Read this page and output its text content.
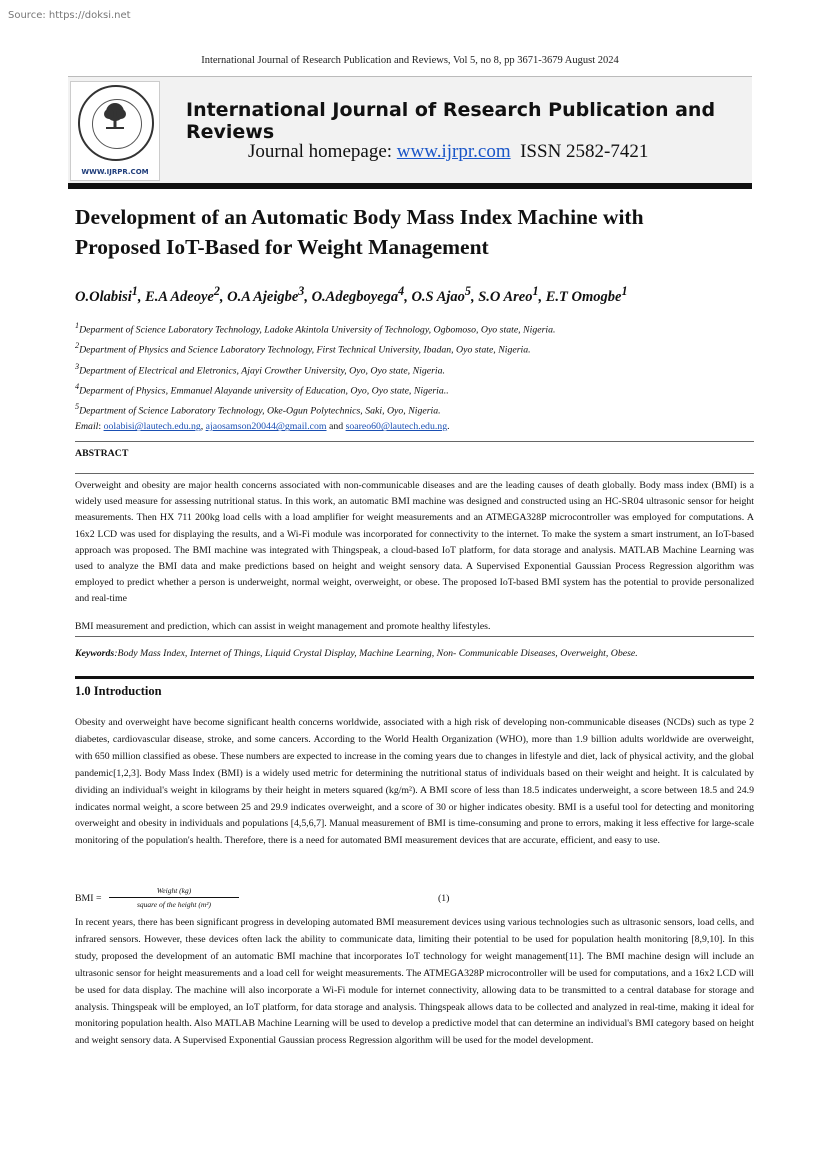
Source: https://doksi.net
International Journal of Research Publication and Reviews, Vol 5, no 8, pp 3671-3679 August 2024
WWW.IJRPR.COM
International Journal of Research Publication and Reviews
Journal homepage: www.ijrpr.com ISSN 2582-7421
Development of an Automatic Body Mass Index Machine with
Proposed IoT-Based for Weight Management
O.Olabisi$^1$, E.A Adeoye$^2$, O.A Ajeigbe$^3$, O.Adegboyega$^4$, O.S Ajao$^5$, S.O Areo$^1$, E.T Omogbe$^1$
$^1$Deparment of Science Laboratory Technology, Ladoke Akintola University of Technology, Ogbomoso, Oyo state, Nigeria.
$^2$Department of Physics and Science Laboratory Technology, First Technical University, Ibadan, Oyo state, Nigeria.
$^3$Department of Electrical and Eletronics, Ajayi Crowther University, Oyo, Oyo state, Nigeria.
$^4$Deparment of Physics, Emmanuel Alayande university of Education, Oyo, Oyo state, Nigeria..
$^5$Department of Science Laboratory Technology, Oke-Ogun Polytechnics, Saki, Oyo, Nigeria.
Email: oolabisi@lautech.edu.ng, ajaosamson20044@gmail.com and soareo60@lautech.edu.ng.
ABSTRACT
Overweight and obesity are major health concerns associated with non-communicable diseases and are the leading causes of death globally. Body mass index (BMI) is a widely used measure for assessing nutritional status. In this work, an automatic BMI machine was designed and constructed using an HC-SR04 ultrasonic sensor for height measurements. Then HX 711 200kg load cells with a load amplifier for weight measurements and an ATMEGA328P microcontroller was employed for computations. A 16x2 LCD was used for displaying the results, and a Wi-Fi module was incorporated for connectivity to the internet. To make the system a smart instrument, an IoT-based approach was proposed. The BMI machine was integrated with Thingspeak, a cloud-based IoT platform, for data storage and analysis. MATLAB Machine Learning was used to analyze the BMI data and make predictions based on height and weight sensory data. A Supervised Exponential Gaussian Process Regression algorithm was employed to predict whether a person is underweight, normal weight, overweight, or obese. The proposed IoT-based BMI system has the potential to provide personalized and real-time
BMI measurement and prediction, which can assist in weight management and promote healthy lifestyles.
Keywords:Body Mass Index, Internet of Things, Liquid Crystal Display, Machine Learning, Non- Communicable Diseases, Overweight, Obese.
1.0 Introduction
Obesity and overweight have become significant health concerns worldwide, associated with a high risk of developing non-communicable diseases (NCDs) such as type 2 diabetes, cardiovascular disease, stroke, and some cancers. According to the World Health Organization (WHO), more than 1.9 billion adults worldwide are overweight, with 650 million classified as obese. These numbers are expected to increase in the coming years due to changes in lifestyle and diet, lack of physical activity, and the global pandemic[1,2,3]. Body Mass Index (BMI) is a widely used metric for determining the nutritional status of individuals based on their weight and height. It is calculated by dividing an individual's weight in kilograms by their height in meters squared (kg/m²). A BMI score of less than 18.5 indicates underweight, a score between 18.5 and 24.9 indicates normal weight, a score between 25 and 29.9 indicates overweight, and a score of 30 or higher indicates obesity. BMI is a useful tool for detecting and monitoring overweight and obesity in individuals and populations [4,5,6,7]. Manual measurement of BMI is time-consuming and prone to errors, making it less effective for large-scale monitoring of the population's health. Therefore, there is a need for automated BMI measurement devices that are accurate, efficient, and easy to use.
BMI =
Weight (kg)
square of the height (m²)
(1)
In recent years, there has been significant progress in developing automated BMI measurement devices using various technologies such as ultrasonic sensors, load cells, and infrared sensors. However, these devices often lack the ability to communicate data, limiting their potential to be used for population health monitoring [8,9,10]. In this study, proposed the development of an automatic BMI machine that incorporates IoT technology for weight management[11]. The BMI machine design will include an ultrasonic sensor for height measurements and a load cell for weight measurements. The ATMEGA328P microcontroller will be used for computations, and a 16x2 LCD will be used for data display. The machine will also incorporate a Wi-Fi module for internet connectivity, allowing data to be transmitted to a central database for storage and analysis. Thingspeak will be employed, an IoT platform, for data storage and analysis. Thingspeak allows data to be collected and analyzed in real-time, making it ideal for monitoring population health. Also MATLAB Machine Learning will be used to develop a predictive model that can determine an individual's BMI category based on height and weight sensory data. A Supervised Exponential Gaussian process Regression algorithm will be used for the model development.
